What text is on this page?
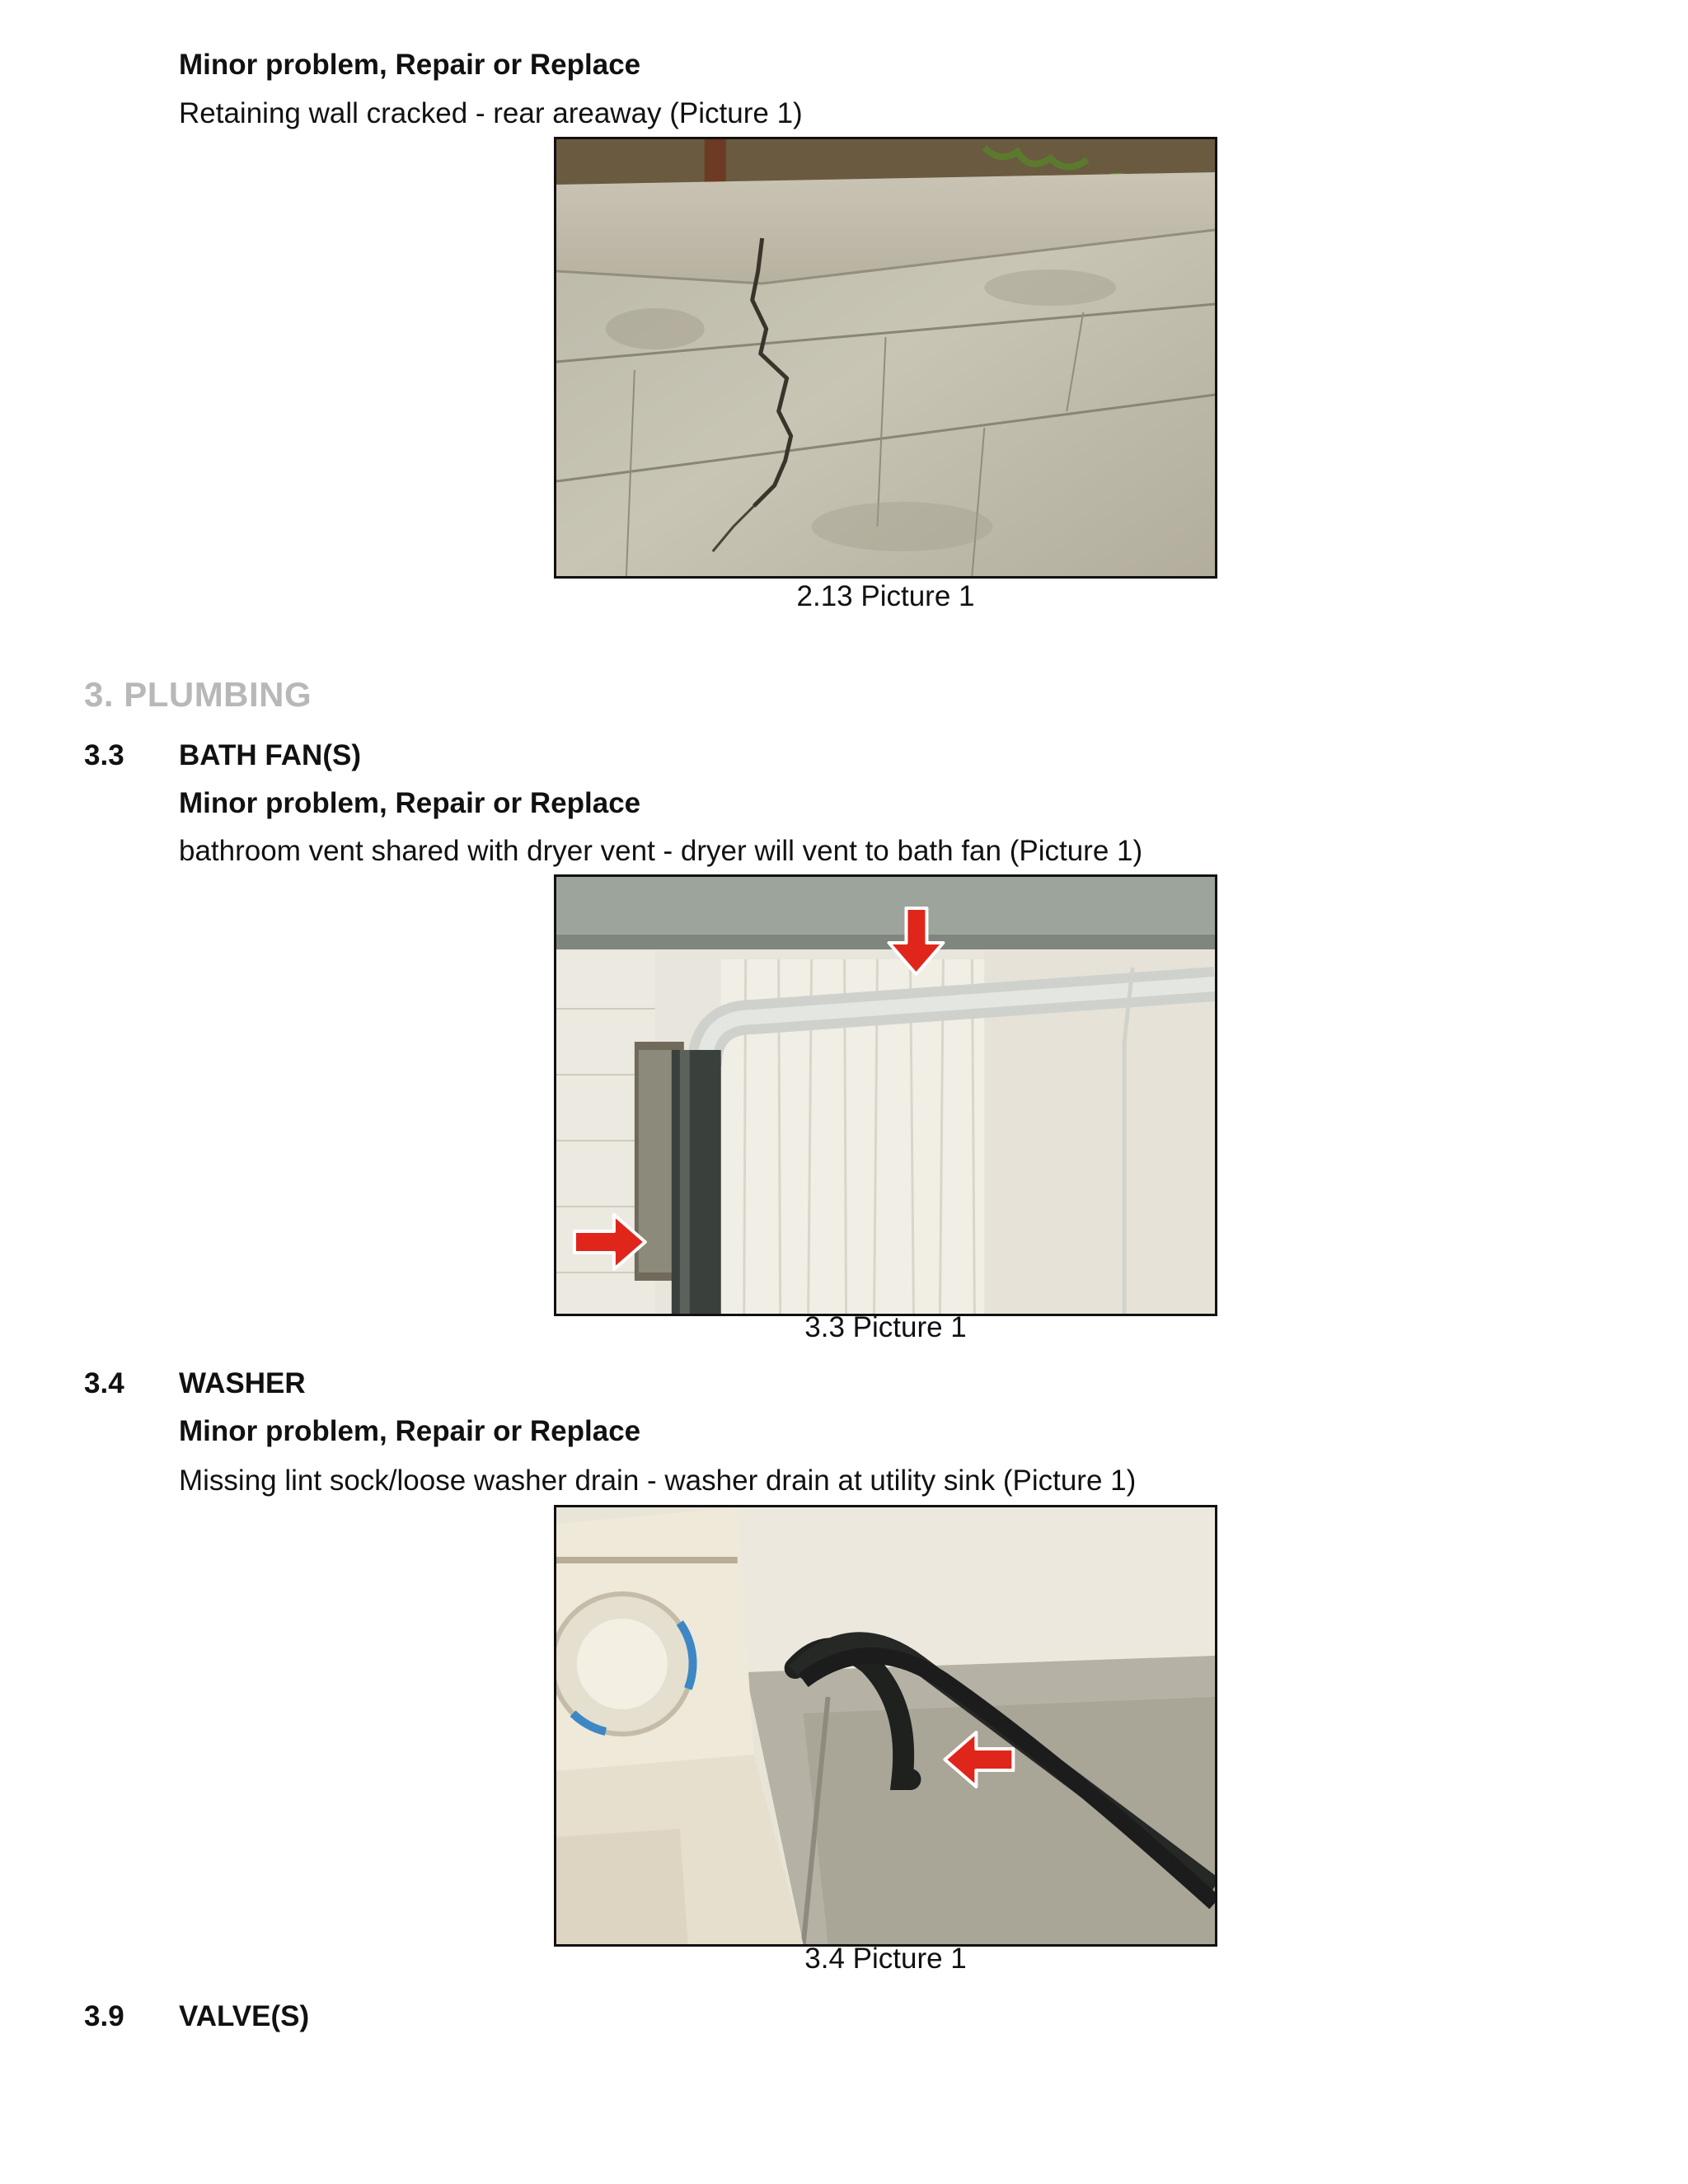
Minor problem, Repair or Replace
Retaining wall cracked - rear areaway (Picture 1)
2.13 Picture 1
3. PLUMBING
3.3 BATH FAN(S)
Minor problem, Repair or Replace
bathroom vent shared with dryer vent - dryer will vent to bath fan (Picture 1)
3.3 Picture 1
3.4 WASHER
Minor problem, Repair or Replace
Missing lint sock/loose washer drain - washer drain at utility sink (Picture 1)
3.4 Picture 1
3.9 VALVE(S)
